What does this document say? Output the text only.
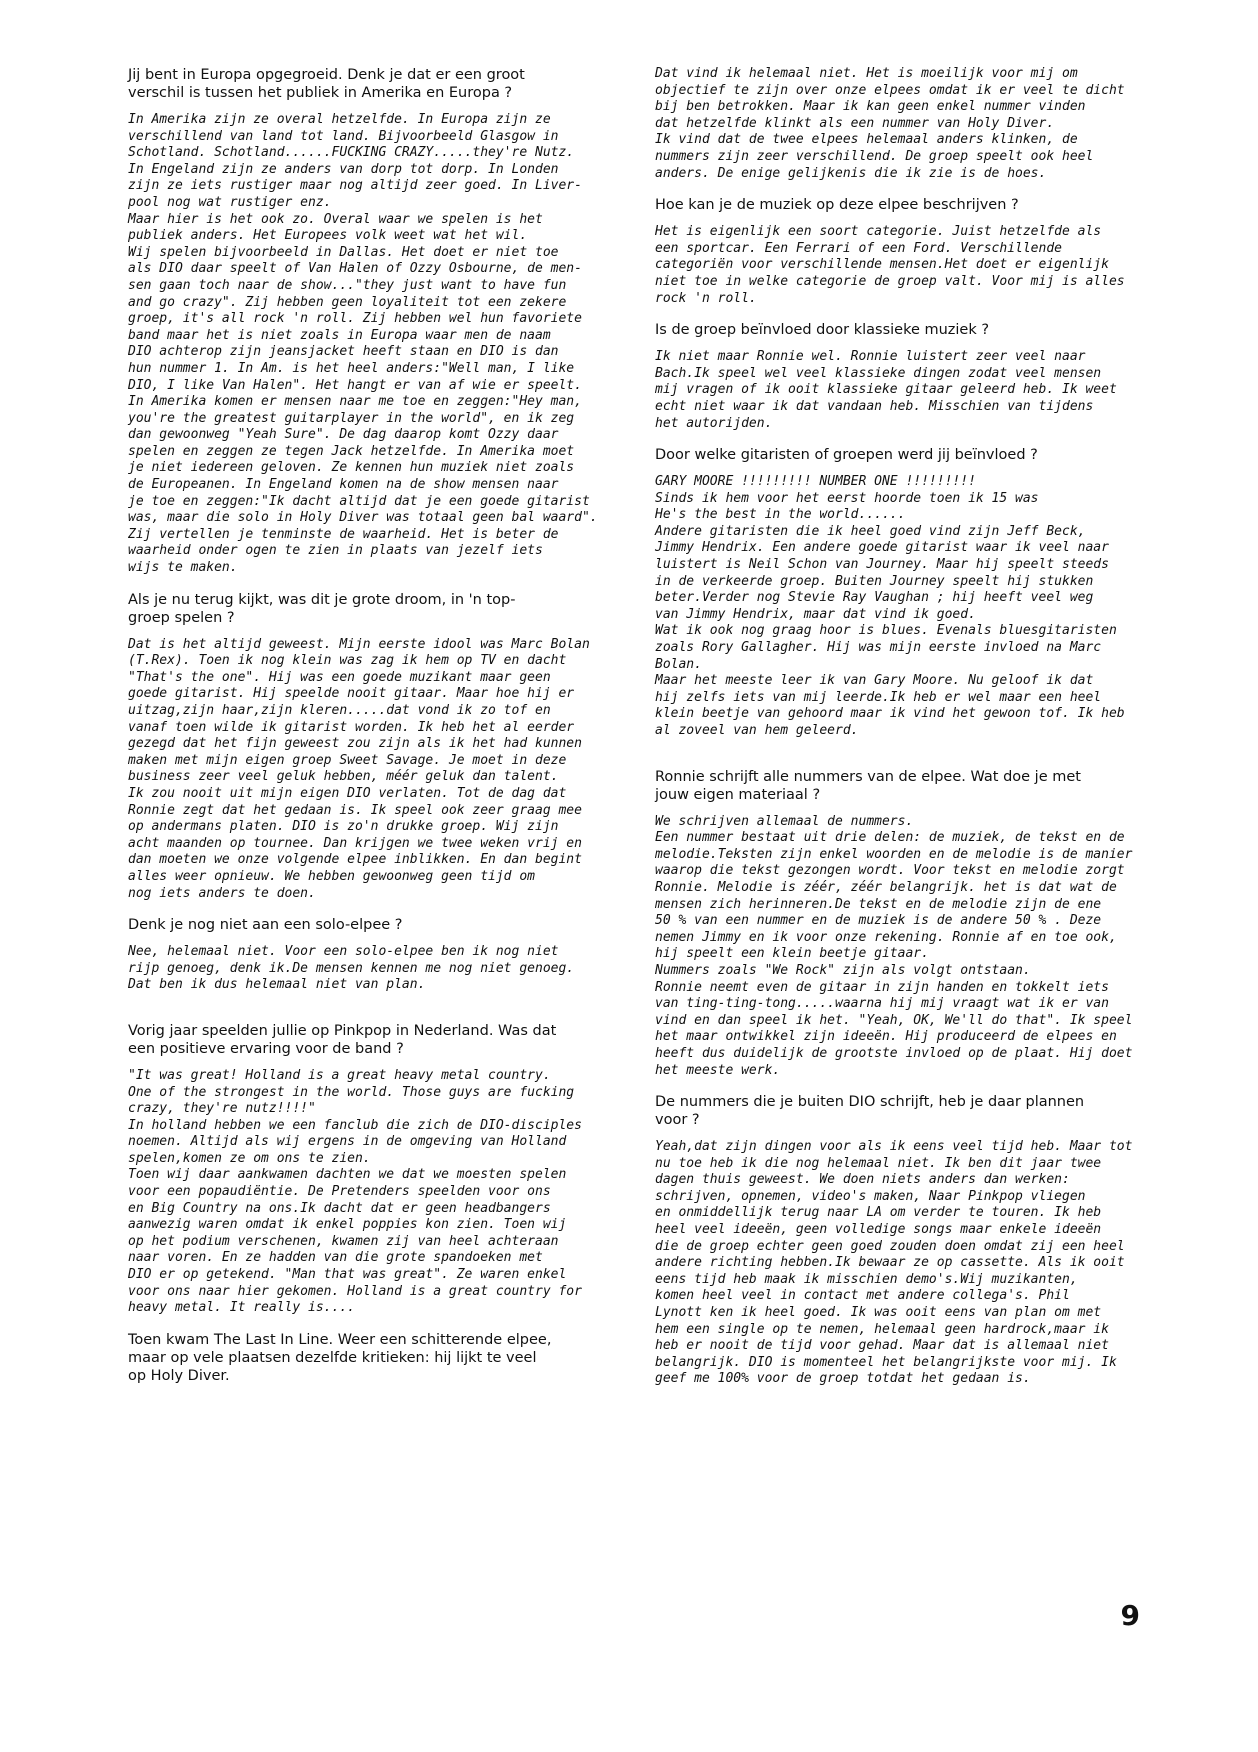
Jij bent in Europa opgegroeid. Denk je dat er een groot
verschil is tussen het publiek in Amerika en Europa ?
In Amerika zijn ze overal hetzelfde. In Europa zijn ze
verschillend van land tot land. Bijvoorbeeld Glasgow in
Schotland. Schotland......FUCKING CRAZY.....they're Nutz.
In Engeland zijn ze anders van dorp tot dorp. In Londen
zijn ze iets rustiger maar nog altijd zeer goed. In Liver-
pool nog wat rustiger enz.
Maar hier is het ook zo. Overal waar we spelen is het
publiek anders. Het Europees volk weet wat het wil.
Wij spelen bijvoorbeeld in Dallas. Het doet er niet toe
als DIO daar speelt of Van Halen of Ozzy Osbourne, de men-
sen gaan toch naar de show..."they just want to have fun
and go crazy". Zij hebben geen loyaliteit tot een zekere
groep, it's all rock 'n roll. Zij hebben wel hun favoriete
band maar het is niet zoals in Europa waar men de naam
DIO achterop zijn jeansjacket heeft staan en DIO is dan
hun nummer 1. In Am. is het heel anders:"Well man, I like
DIO, I like Van Halen". Het hangt er van af wie er speelt.
In Amerika komen er mensen naar me toe en zeggen:"Hey man,
you're the greatest guitarplayer in the world", en ik zeg
dan gewoonweg "Yeah Sure". De dag daarop komt Ozzy daar
spelen en zeggen ze tegen Jack hetzelfde. In Amerika moet
je niet iedereen geloven. Ze kennen hun muziek niet zoals
de Europeanen. In Engeland komen na de show mensen naar
je toe en zeggen:"Ik dacht altijd dat je een goede gitarist
was, maar die solo in Holy Diver was totaal geen bal waard".
Zij vertellen je tenminste de waarheid. Het is beter de
waarheid onder ogen te zien in plaats van jezelf iets
wijs te maken.
Als je nu terug kijkt, was dit je grote droom, in 'n top-
groep spelen ?
Dat is het altijd geweest. Mijn eerste idool was Marc Bolan
(T.Rex). Toen ik nog klein was zag ik hem op TV en dacht
"That's the one". Hij was een goede muzikant maar geen
goede gitarist. Hij speelde nooit gitaar. Maar hoe hij er
uitzag,zijn haar,zijn kleren.....dat vond ik zo tof en
vanaf toen wilde ik gitarist worden. Ik heb het al eerder
gezegd dat het fijn geweest zou zijn als ik het had kunnen
maken met mijn eigen groep Sweet Savage. Je moet in deze
business zeer veel geluk hebben, méér geluk dan talent.
Ik zou nooit uit mijn eigen DIO verlaten. Tot de dag dat
Ronnie zegt dat het gedaan is. Ik speel ook zeer graag mee
op andermans platen. DIO is zo'n drukke groep. Wij zijn
acht maanden op tournee. Dan krijgen we twee weken vrij en
dan moeten we onze volgende elpee inblikken. En dan begint
alles weer opnieuw. We hebben gewoonweg geen tijd om
nog iets anders te doen.
Denk je nog niet aan een solo-elpee ?
Nee, helemaal niet. Voor een solo-elpee ben ik nog niet
rijp genoeg, denk ik.De mensen kennen me nog niet genoeg.
Dat ben ik dus helemaal niet van plan.
Vorig jaar speelden jullie op Pinkpop in Nederland. Was dat
een positieve ervaring voor de band ?
"It was great! Holland is a great heavy metal country.
One of the strongest in the world. Those guys are fucking
crazy, they're nutz!!!!"
In holland hebben we een fanclub die zich de DIO-disciples
noemen. Altijd als wij ergens in de omgeving van Holland
spelen,komen ze om ons te zien.
Toen wij daar aankwamen dachten we dat we moesten spelen
voor een popaudiëntie. De Pretenders speelden voor ons
en Big Country na ons.Ik dacht dat er geen headbangers
aanwezig waren omdat ik enkel poppies kon zien. Toen wij
op het podium verschenen, kwamen zij van heel achteraan
naar voren. En ze hadden van die grote spandoeken met
DIO er op getekend. "Man that was great". Ze waren enkel
voor ons naar hier gekomen. Holland is a great country for
heavy metal. It really is....
Toen kwam The Last In Line. Weer een schitterende elpee,
maar op vele plaatsen dezelfde kritieken: hij lijkt te veel
op Holy Diver.
Dat vind ik helemaal niet. Het is moeilijk voor mij om
objectief te zijn over onze elpees omdat ik er veel te dicht
bij ben betrokken. Maar ik kan geen enkel nummer vinden
dat hetzelfde klinkt als een nummer van Holy Diver.
Ik vind dat de twee elpees helemaal anders klinken, de
nummers zijn zeer verschillend. De groep speelt ook heel
anders. De enige gelijkenis die ik zie is de hoes.
Hoe kan je de muziek op deze elpee beschrijven ?
Het is eigenlijk een soort categorie. Juist hetzelfde als
een sportcar. Een Ferrari of een Ford. Verschillende
categoriën voor verschillende mensen.Het doet er eigenlijk
niet toe in welke categorie de groep valt. Voor mij is alles
rock 'n roll.
Is de groep beïnvloed door klassieke muziek ?
Ik niet maar Ronnie wel. Ronnie luistert zeer veel naar
Bach.Ik speel wel veel klassieke dingen zodat veel mensen
mij vragen of ik ooit klassieke gitaar geleerd heb. Ik weet
echt niet waar ik dat vandaan heb. Misschien van tijdens
het autorijden.
Door welke gitaristen of groepen werd jij beïnvloed ?
GARY MOORE !!!!!!!!! NUMBER ONE !!!!!!!!!
Sinds ik hem voor het eerst hoorde toen ik 15 was
He's the best in the world......
Andere gitaristen die ik heel goed vind zijn Jeff Beck,
Jimmy Hendrix. Een andere goede gitarist waar ik veel naar
luistert is Neil Schon van Journey. Maar hij speelt steeds
in de verkeerde groep. Buiten Journey speelt hij stukken
beter.Verder nog Stevie Ray Vaughan ; hij heeft veel weg
van Jimmy Hendrix, maar dat vind ik goed.
Wat ik ook nog graag hoor is blues. Evenals bluesgitaristen
zoals Rory Gallagher. Hij was mijn eerste invloed na Marc
Bolan.
Maar het meeste leer ik van Gary Moore. Nu geloof ik dat
hij zelfs iets van mij leerde.Ik heb er wel maar een heel
klein beetje van gehoord maar ik vind het gewoon tof. Ik heb
al zoveel van hem geleerd.
Ronnie schrijft alle nummers van de elpee. Wat doe je met
jouw eigen materiaal ?
We schrijven allemaal de nummers.
Een nummer bestaat uit drie delen: de muziek, de tekst en de
melodie.Teksten zijn enkel woorden en de melodie is de manier
waarop die tekst gezongen wordt. Voor tekst en melodie zorgt
Ronnie. Melodie is zéér, zéér belangrijk. het is dat wat de
mensen zich herinneren.De tekst en de melodie zijn de ene
50 % van een nummer en de muziek is de andere 50 % . Deze
nemen Jimmy en ik voor onze rekening. Ronnie af en toe ook,
hij speelt een klein beetje gitaar.
Nummers zoals "We Rock" zijn als volgt ontstaan.
Ronnie neemt even de gitaar in zijn handen en tokkelt iets
van ting-ting-tong.....waarna hij mij vraagt wat ik er van
vind en dan speel ik het. "Yeah, OK, We'll do that". Ik speel
het maar ontwikkel zijn ideeën. Hij produceerd de elpees en
heeft dus duidelijk de grootste invloed op de plaat. Hij doet
het meeste werk.
De nummers die je buiten DIO schrijft, heb je daar plannen
voor ?
Yeah,dat zijn dingen voor als ik eens veel tijd heb. Maar tot
nu toe heb ik die nog helemaal niet. Ik ben dit jaar twee
dagen thuis geweest. We doen niets anders dan werken:
schrijven, opnemen, video's maken, Naar Pinkpop vliegen
en onmiddellijk terug naar LA om verder te touren. Ik heb
heel veel ideeën, geen volledige songs maar enkele ideeën
die de groep echter geen goed zouden doen omdat zij een heel
andere richting hebben.Ik bewaar ze op cassette. Als ik ooit
eens tijd heb maak ik misschien demo's.Wij muzikanten,
komen heel veel in contact met andere collega's. Phil
Lynott ken ik heel goed. Ik was ooit eens van plan om met
hem een single op te nemen, helemaal geen hardrock,maar ik
heb er nooit de tijd voor gehad. Maar dat is allemaal niet
belangrijk. DIO is momenteel het belangrijkste voor mij. Ik
geef me 100% voor de groep totdat het gedaan is.
9
